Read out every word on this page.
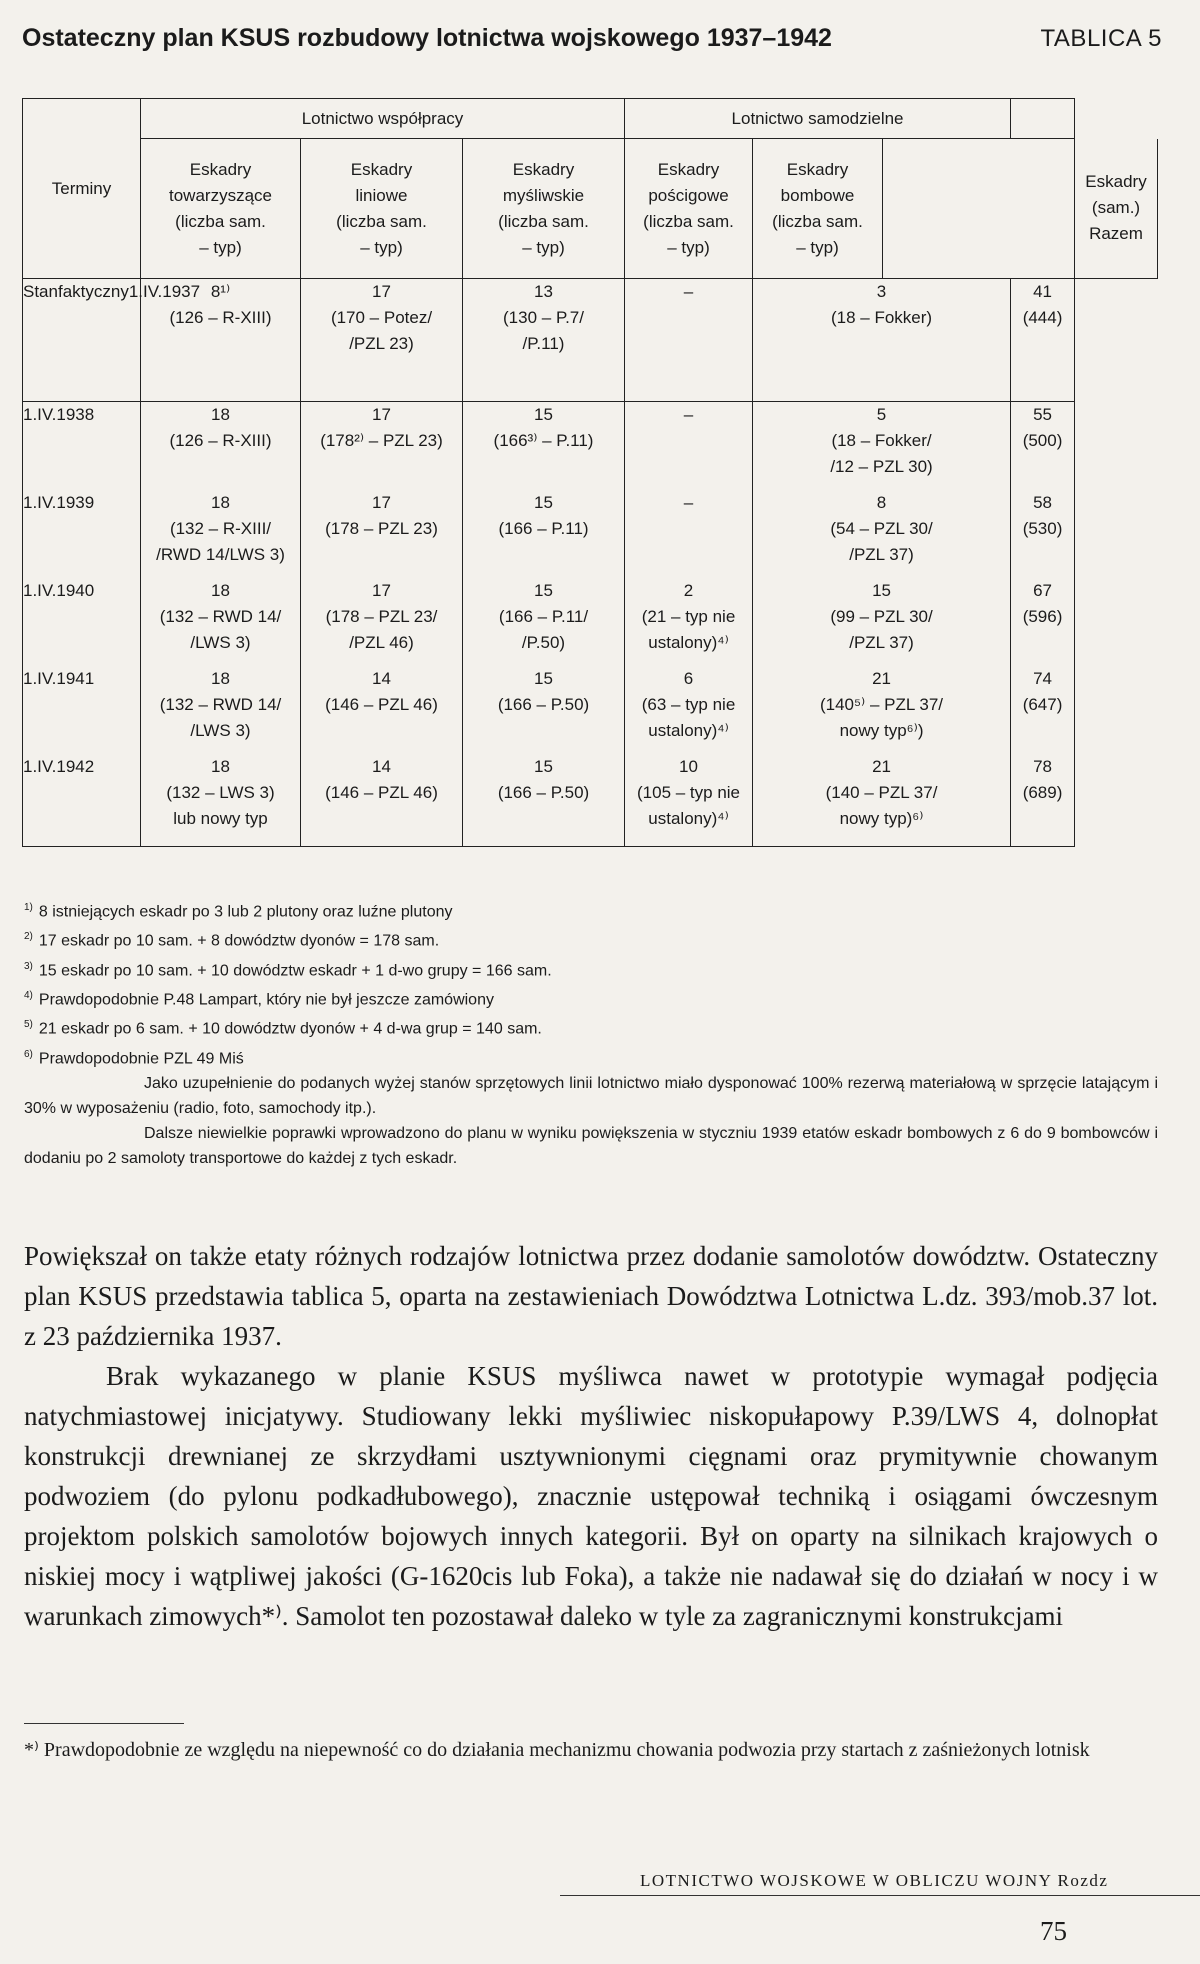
Ostateczny plan KSUS rozbudowy lotnictwa wojskowego 1937–1942	TABLICA 5
Terminy	Lotnictwo współpracy			Lotnictwo samodzielne				

	Eskadry
towarzyszące
(liczba sam.
– typ)	Eskadry
liniowe
(liczba sam.
– typ)	Eskadry
myśliwskie
(liczba sam.
– typ)	Eskadry
pościgowe
(liczba sam.
– typ)	Eskadry
bombowe
(liczba sam.
– typ)			Eskadry
(sam.)
Razem

Stanfaktyczny1.IV.1937	8¹⁾
(126 – R-XIII)	17
(170 – Potez/
/PZL 23)	13
(130 – P.7/
/P.11)	–	3
(18 – Fokker)		41
(444)	

1.IV.1938	18
(126 – R-XIII)	17
(178²⁾ – PZL 23)	15
(166³⁾ – P.11)	–	5
(18 – Fokker/
/12 – PZL 30)		55
(500)	

1.IV.1939	18
(132 – R-XIII/
/RWD 14/LWS 3)	17
(178 – PZL 23)	15
(166 – P.11)	–	8
(54 – PZL 30/
/PZL 37)		58
(530)	

1.IV.1940	18
(132 – RWD 14/
/LWS 3)	17
(178 – PZL 23/
/PZL 46)	15
(166 – P.11/
/P.50)	2
(21 – typ nie
ustalony)⁴⁾	15
(99 – PZL 30/
/PZL 37)		67
(596)	

1.IV.1941	18
(132 – RWD 14/
/LWS 3)	14
(146 – PZL 46)	15
(166 – P.50)	6
(63 – typ nie
ustalony)⁴⁾	21
(140⁵⁾ – PZL 37/
nowy typ⁶⁾)		74
(647)	

1.IV.1942	18
(132 – LWS 3)
lub nowy typ	14
(146 – PZL 46)	15
(166 – P.50)	10
(105 – typ nie
ustalony)⁴⁾	21
(140 – PZL 37/
nowy typ)⁶⁾		78
(689)	
$^{1)}$ 8 istniejących eskadr po 3 lub 2 plutony oraz luźne plutony
$^{2)}$ 17 eskadr po 10 sam. + 8 dowództw dyonów = 178 sam.
$^{3)}$ 15 eskadr po 10 sam. + 10 dowództw eskadr + 1 d-wo grupy = 166 sam.
$^{4)}$ Prawdopodobnie P.48 Lampart, który nie był jeszcze zamówiony
$^{5)}$ 21 eskadr po 6 sam. + 10 dowództw dyonów + 4 d-wa grup = 140 sam.
$^{6)}$ Prawdopodobnie PZL 49 Miś
Jako uzupełnienie do podanych wyżej stanów sprzętowych linii lotnictwo miało dysponować 100% rezerwą materiałową w sprzęcie latającym i 30% w wyposażeniu (radio, foto, samochody itp.).
Dalsze niewielkie poprawki wprowadzono do planu w wyniku powiększenia w styczniu 1939 etatów eskadr bombowych z 6 do 9 bombowców i dodaniu po 2 samoloty transportowe do każdej z tych eskadr.

Powiększał on także etaty różnych rodzajów lotnictwa przez dodanie samolotów dowództw. Ostateczny plan KSUS przedstawia tablica 5, oparta na zestawieniach Dowództwa Lotnictwa L.dz. 393/mob.37 lot. z 23 października 1937.

Brak wykazanego w planie KSUS myśliwca nawet w prototypie wymagał podjęcia natychmiastowej inicjatywy. Studiowany lekki myśliwiec niskopułapowy P.39/LWS 4, dolnopłat konstrukcji drewnianej ze skrzydłami usztywnionymi cięgnami oraz prymitywnie chowanym podwoziem (do pylonu podkadłubowego), znacznie ustępował techniką i osiągami ówczesnym projektom polskich samolotów bojowych innych kategorii. Był on oparty na silnikach krajowych o niskiej mocy i wątpliwej jakości (G-1620cis lub Foka), a także nie nadawał się do działań w nocy i w warunkach zimowych*⁾. Samolot ten pozostawał daleko w tyle za zagranicznymi konstrukcjami

*⁾ Prawdopodobnie ze względu na niepewność co do działania mechanizmu chowania podwozia przy startach z zaśnieżonych lotnisk
LOTNICTWO WOJSKOWE W OBLICZU WOJNY Rozdz
75
